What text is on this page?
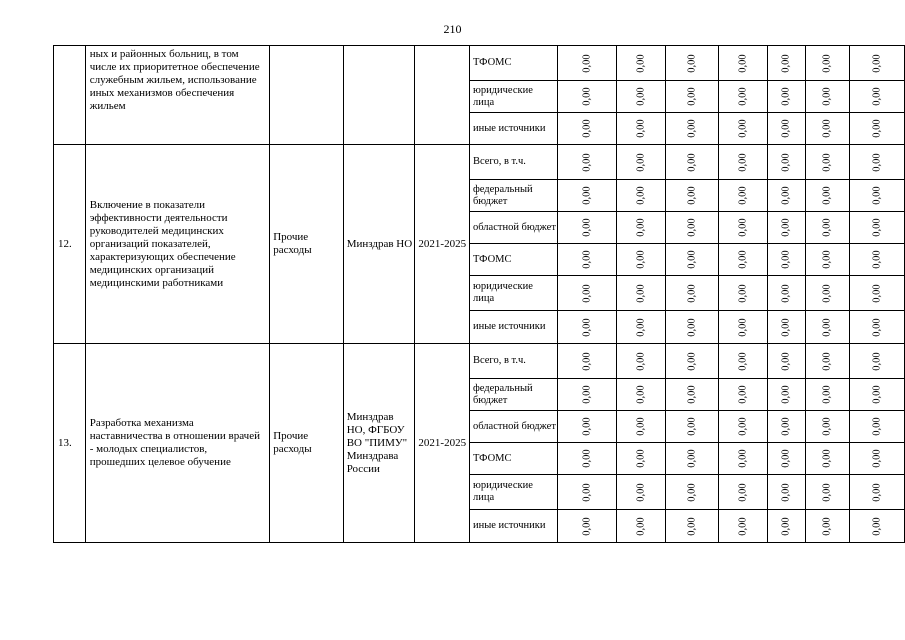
210
	ных и районных больниц, в том числе их приоритетное обеспечение служебным жильем, использование иных механизмов обеспечения жильем				ТФОМС	0,00	0,00	0,00	0,00	0,00	0,00	0,00
					юридические лица	0,00	0,00	0,00	0,00	0,00	0,00	0,00
					иные источники	0,00	0,00	0,00	0,00	0,00	0,00	0,00
12.	Включение в показатели эффективности деятельности руководителей медицинских организаций показателей, характеризующих обеспечение медицинских организаций медицинскими работниками	Прочие расходы	Минздрав НО	2021-2025	Всего, в т.ч.	0,00	0,00	0,00	0,00	0,00	0,00	0,00
					федеральный бюджет	0,00	0,00	0,00	0,00	0,00	0,00	0,00
					областной бюджет	0,00	0,00	0,00	0,00	0,00	0,00	0,00
					ТФОМС	0,00	0,00	0,00	0,00	0,00	0,00	0,00
					юридические лица	0,00	0,00	0,00	0,00	0,00	0,00	0,00
					иные источники	0,00	0,00	0,00	0,00	0,00	0,00	0,00
13.	Разработка механизма наставничества в отношении врачей - молодых специалистов, прошедших целевое обучение	Прочие расходы	Минздрав НО, ФГБОУ ВО "ПИМУ" Минздрава России	2021-2025	Всего, в т.ч.	0,00	0,00	0,00	0,00	0,00	0,00	0,00
					федеральный бюджет	0,00	0,00	0,00	0,00	0,00	0,00	0,00
					областной бюджет	0,00	0,00	0,00	0,00	0,00	0,00	0,00
					ТФОМС	0,00	0,00	0,00	0,00	0,00	0,00	0,00
					юридические лица	0,00	0,00	0,00	0,00	0,00	0,00	0,00
					иные источники	0,00	0,00	0,00	0,00	0,00	0,00	0,00
